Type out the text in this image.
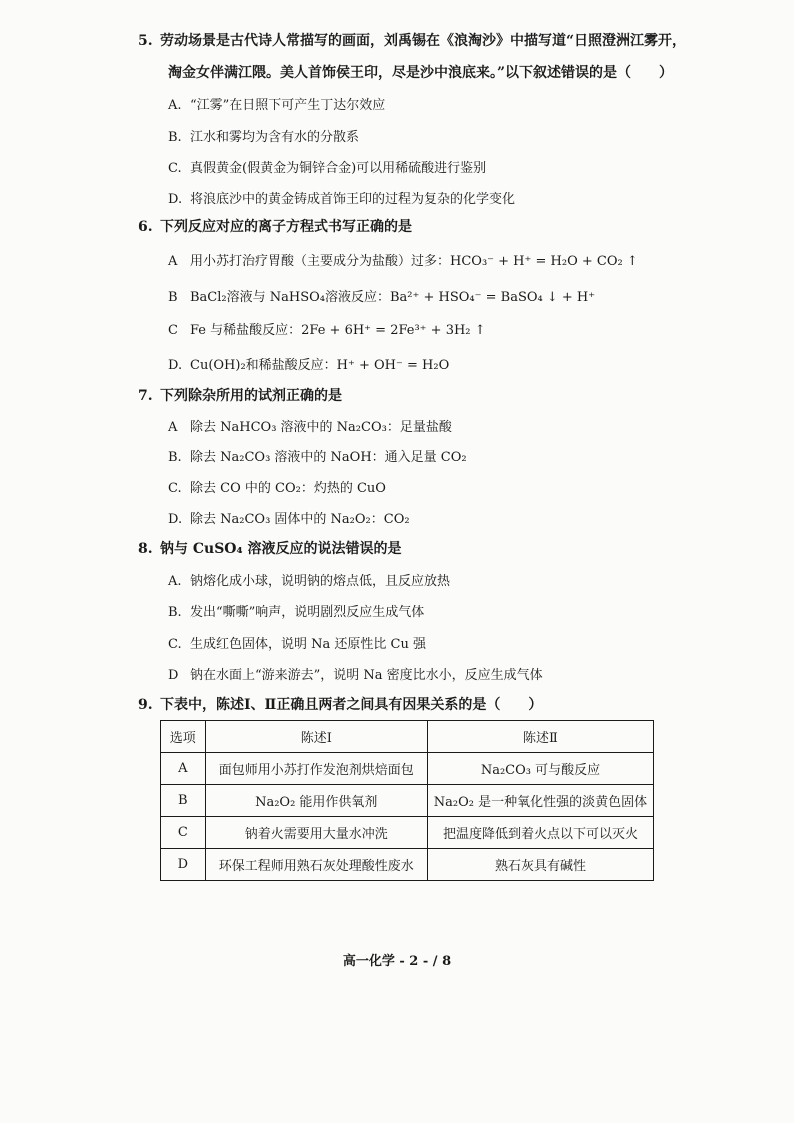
5. 劳动场景是古代诗人常描写的画面，刘禹锡在《浪淘沙》中描写道“日照澄洲江雾开，
淘金女伴满江隈。美人首饰侯王印，尽是沙中浪底来。”以下叙述错误的是（　　）
A. “江雾”在日照下可产生丁达尔效应
B. 江水和雾均为含有水的分散系
C. 真假黄金(假黄金为铜锌合金)可以用稀硫酸进行鉴别
D. 将浪底沙中的黄金铸成首饰王印的过程为复杂的化学变化
6. 下列反应对应的离子方程式书写正确的是
A 用小苏打治疗胃酸（主要成分为盐酸）过多：HCO₃⁻ + H⁺ = H₂O + CO₂ ↑
B BaCl₂溶液与 NaHSO₄溶液反应：Ba²⁺ + HSO₄⁻ = BaSO₄ ↓ + H⁺
C Fe 与稀盐酸反应：2Fe + 6H⁺ = 2Fe³⁺ + 3H₂ ↑
D. Cu(OH)₂和稀盐酸反应：H⁺ + OH⁻ = H₂O
7. 下列除杂所用的试剂正确的是
A 除去 NaHCO₃ 溶液中的 Na₂CO₃：足量盐酸
B. 除去 Na₂CO₃ 溶液中的 NaOH：通入足量 CO₂
C. 除去 CO 中的 CO₂：灼热的 CuO
D. 除去 Na₂CO₃ 固体中的 Na₂O₂：CO₂
8. 钠与 CuSO₄ 溶液反应的说法错误的是
A. 钠熔化成小球，说明钠的熔点低，且反应放热
B. 发出“嘶嘶”响声，说明剧烈反应生成气体
C. 生成红色固体，说明 Na 还原性比 Cu 强
D 钠在水面上“游来游去”，说明 Na 密度比水小，反应生成气体
9. 下表中，陈述Ⅰ、Ⅱ正确且两者之间具有因果关系的是（　　）
选项	陈述Ⅰ	陈述Ⅱ
A	面包师用小苏打作发泡剂烘焙面包	Na₂CO₃ 可与酸反应
B	Na₂O₂ 能用作供氧剂	Na₂O₂ 是一种氧化性强的淡黄色固体
C	钠着火需要用大量水冲洗	把温度降低到着火点以下可以灭火
D	环保工程师用熟石灰处理酸性废水	熟石灰具有碱性
高一化学 - 2 - / 8
